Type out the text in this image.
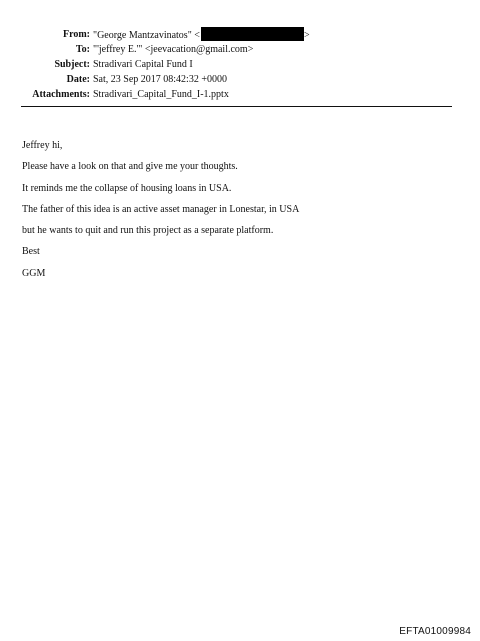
From: "George Mantzavinatos" <	>
To: "'jeffrey E.'" <jeevacation@gmail.com>
Subject: Stradivari Capital Fund I
Date: Sat, 23 Sep 2017 08:42:32 +0000
Attachments: Stradivari_Capital_Fund_I-1.pptx

Jeffrey hi,

Please have a look on that and give me your thoughts.

It reminds me the collapse of housing loans in USA.

The father of this idea is an active asset manager in Lonestar, in USA

but he wants to quit and run this project as a separate platform.

Best

GGM

EFTA01009984
